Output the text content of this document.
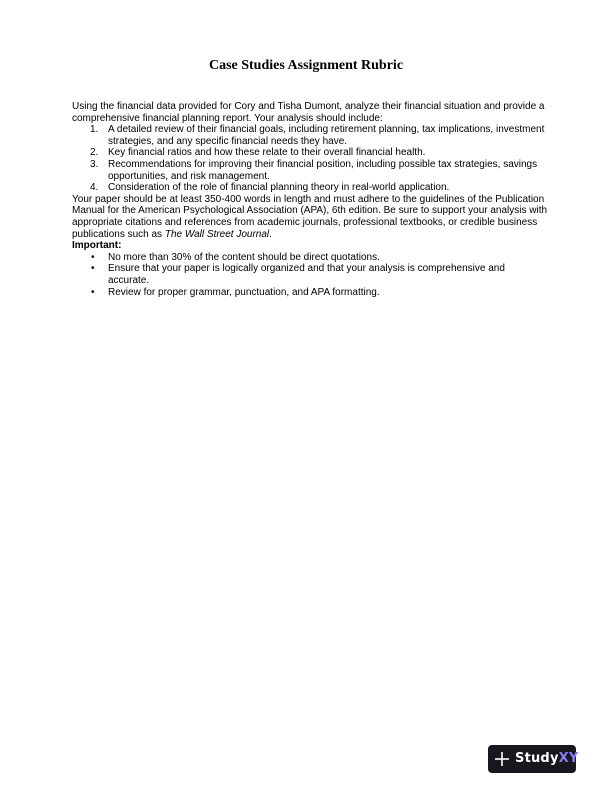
Case Studies Assignment Rubric

Using the financial data provided for Cory and Tisha Dumont, analyze their financial situation and provide a comprehensive financial planning report. Your analysis should include:

1. A detailed review of their financial goals, including retirement planning, tax implications, investment strategies, and any specific financial needs they have.
2. Key financial ratios and how these relate to their overall financial health.
3. Recommendations for improving their financial position, including possible tax strategies, savings opportunities, and risk management.
4. Consideration of the role of financial planning theory in real-world application.

Your paper should be at least 350-400 words in length and must adhere to the guidelines of the Publication Manual for the American Psychological Association (APA), 6th edition. Be sure to support your analysis with appropriate citations and references from academic journals, professional textbooks, or credible business publications such as The Wall Street Journal.

Important:

• No more than 30% of the content should be direct quotations.
• Ensure that your paper is logically organized and that your analysis is comprehensive and accurate.
• Review for proper grammar, punctuation, and APA formatting.
StudyXY
